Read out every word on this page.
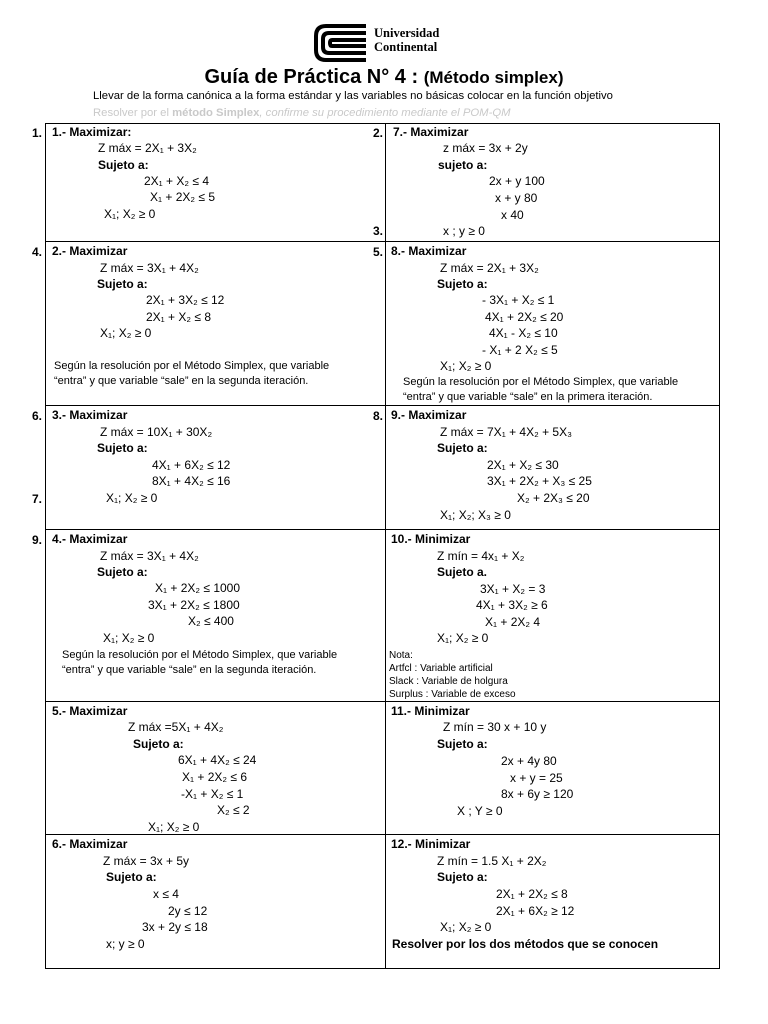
Universidad
Continental
Guía de Práctica N° 4 : (Método simplex)
Llevar de la forma canónica a la forma estándar y las variables no básicas colocar en la función objetivo
Resolver por el método Simplex, confirme su procedimiento mediante el POM-QM
1.	2.
3.
4.	5.
6.
7.
8.
9.
1.- Maximizar:
Z máx = 2X₁ + 3X₂
Sujeto a:
2X₁ + X₂ ≤ 4
X₁ + 2X₂ ≤ 5
X₁; X₂ ≥ 0
7.- Maximizar
z máx = 3x + 2y
sujeto a:
2x + y 100
x + y 80
x 40
x ; y ≥ 0
2.- Maximizar
Z máx = 3X₁ + 4X₂
Sujeto a:
2X₁ + 3X₂ ≤ 12
2X₁ + X₂ ≤ 8
X₁; X₂ ≥ 0
Según la resolución por el Método Simplex, que variable
“entra” y que variable “sale” en la segunda iteración.
8.- Maximizar
Z máx = 2X₁ + 3X₂
Sujeto a:
- 3X₁ + X₂ ≤ 1
4X₁ + 2X₂ ≤ 20
4X₁ - X₂ ≤ 10
- X₁ + 2 X₂ ≤ 5
X₁; X₂ ≥ 0
Según la resolución por el Método Simplex, que variable
“entra” y que variable “sale” en la primera iteración.
3.- Maximizar
Z máx = 10X₁ + 30X₂
Sujeto a:
4X₁ + 6X₂ ≤ 12
8X₁ + 4X₂ ≤ 16
X₁; X₂ ≥ 0
9.- Maximizar
Z máx = 7X₁ + 4X₂ + 5X₃
Sujeto a:
2X₁ + X₂ ≤ 30
3X₁ + 2X₂ + X₃ ≤ 25
X₂ + 2X₃ ≤ 20
X₁; X₂; X₃ ≥ 0
4.- Maximizar
Z máx = 3X₁ + 4X₂
Sujeto a:
X₁ + 2X₂ ≤ 1000
3X₁ + 2X₂ ≤ 1800
X₂ ≤ 400
X₁; X₂ ≥ 0
Según la resolución por el Método Simplex, que variable
“entra” y que variable “sale” en la segunda iteración.
10.- Minimizar
Z mín = 4x₁ + X₂
Sujeto a.
3X₁ + X₂ = 3
4X₁ + 3X₂ ≥ 6
X₁ + 2X₂ 4
X₁; X₂ ≥ 0
Nota:
Artfcl : Variable artificial
Slack : Variable de holgura
Surplus : Variable de exceso
5.- Maximizar
Z máx =5X₁ + 4X₂
Sujeto a:
6X₁ + 4X₂ ≤ 24
X₁ + 2X₂ ≤ 6
-X₁ + X₂ ≤ 1
X₂ ≤ 2
X₁; X₂ ≥ 0
11.- Minimizar
Z mín = 30 x + 10 y
Sujeto a:
2x + 4y 80
x + y = 25
8x + 6y ≥ 120
X ; Y ≥ 0
6.- Maximizar
Z máx = 3x + 5y
Sujeto a:
x ≤ 4
2y ≤ 12
3x + 2y ≤ 18
x; y ≥ 0
12.- Minimizar
Z mín = 1.5 X₁ + 2X₂
Sujeto a:
2X₁ + 2X₂ ≤ 8
2X₁ + 6X₂ ≥ 12
X₁; X₂ ≥ 0
Resolver por los dos métodos que se conocen
